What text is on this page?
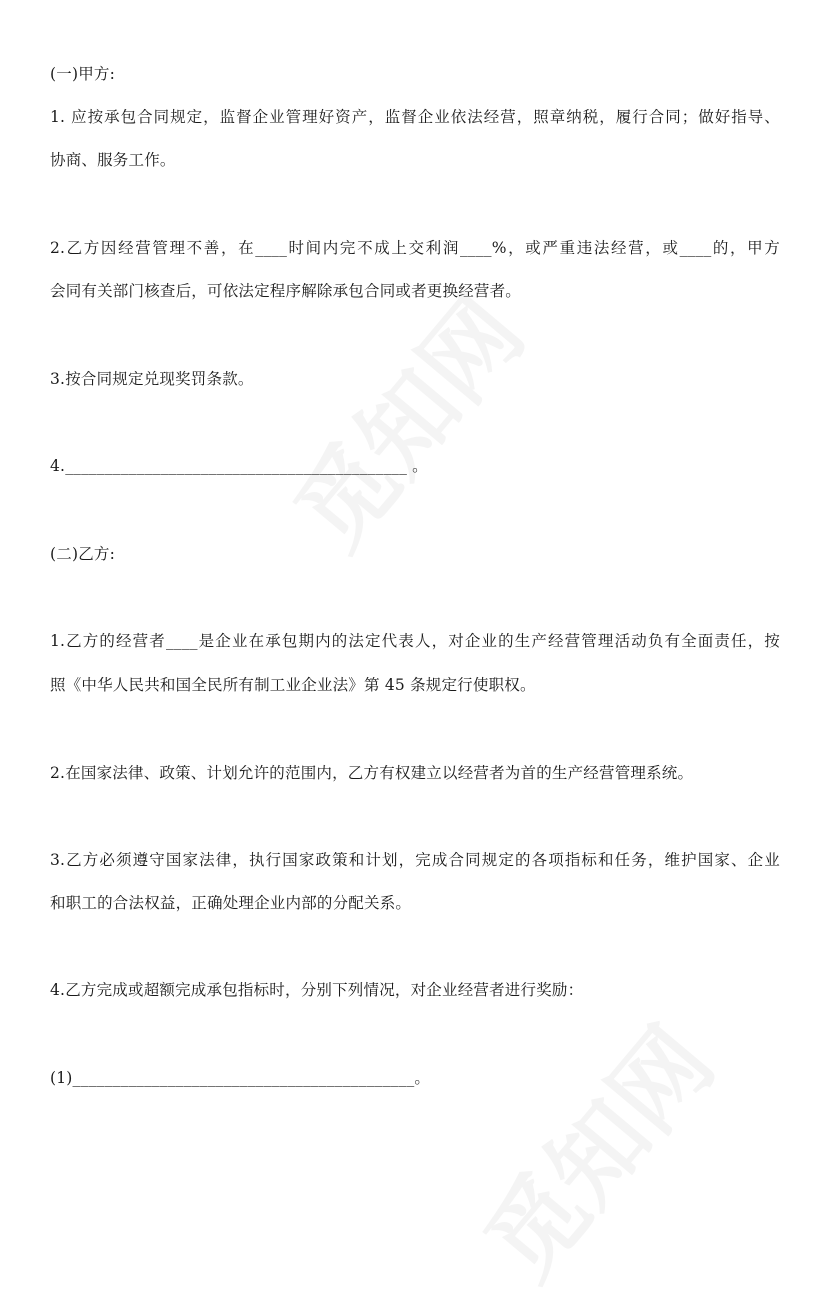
(一)甲方:
1. 应按承包合同规定，监督企业管理好资产，监督企业依法经营，照章纳税，履行合同；做好指导、
协商、服务工作。
2.乙方因经营管理不善，在____时间内完不成上交利润____%，或严重违法经营，或____的，甲方
会同有关部门核查后，可依法定程序解除承包合同或者更换经营者。
3.按合同规定兑现奖罚条款。
4.___________________________________________ 。
(二)乙方:
1.乙方的经营者____是企业在承包期内的法定代表人，对企业的生产经营管理活动负有全面责任，按
照《中华人民共和国全民所有制工业企业法》第 45 条规定行使职权。
2.在国家法律、政策、计划允许的范围内，乙方有权建立以经营者为首的生产经营管理系统。
3.乙方必须遵守国家法律，执行国家政策和计划，完成合同规定的各项指标和任务，维护国家、企业
和职工的合法权益，正确处理企业内部的分配关系。
4.乙方完成或超额完成承包指标时，分别下列情况，对企业经营者进行奖励：
(1)___________________________________________。
